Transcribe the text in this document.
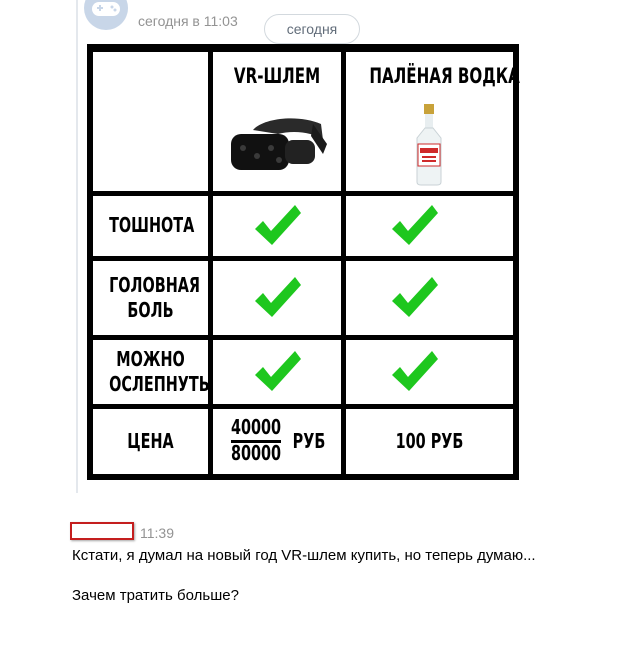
сегодня в 11:03	сегодня
VR-ШЛЕМ ПАЛЁНАЯ ВОДКА
ТОШНОТА
ГОЛОВНАЯ
БОЛЬ
МОЖНО
ОСЛЕПНУТЬ
ЦЕНА
40000
80000 РУБ	100 РУБ
11:39

Кстати, я думал на новый год VR-шлем купить, но теперь думаю...

Зачем тратить больше?
